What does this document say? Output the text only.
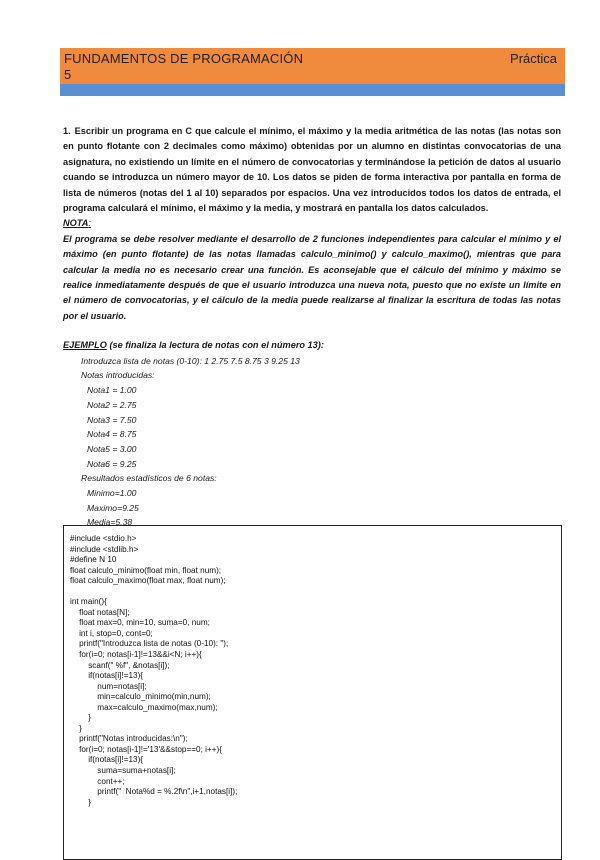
FUNDAMENTOS DE PROGRAMACIÓN	Práctica
5

1. Escribir un programa en C que calcule el mínimo, el máximo y la media aritmética de las notas (las notas son en punto flotante con 2 decimales como máximo) obtenidas por un alumno en distintas convocatorias de una asignatura, no existiendo un límite en el número de convocatorias y terminándose la petición de datos al usuario cuando se introduzca un número mayor de 10. Los datos se piden de forma interactiva por pantalla en forma de lista de números (notas del 1 al 10) separados por espacios. Una vez introducidos todos los datos de entrada, el programa calculará el mínimo, el máximo y la media, y mostrará en pantalla los datos calculados.

NOTA:

El programa se debe resolver mediante el desarrollo de 2 funciones independientes para calcular el mínimo y el máximo (en punto flotante) de las notas llamadas calculo_minimo() y calculo_maximo(), mientras que para calcular la media no es necesario crear una función. Es aconsejable que el cálculo del mínimo y máximo se realice inmediatamente después de que el usuario introduzca una nueva nota, puesto que no existe un límite en el número de convocatorias, y el cálculo de la media puede realizarse al finalizar la escritura de todas las notas por el usuario.

EJEMPLO (se finaliza la lectura de notas con el número 13):

Introduzca lista de notas (0-10): 1 2.75 7.5 8.75 3 9.25 13
Notas introducidas:
Nota1 = 1.00
Nota2 = 2.75
Nota3 = 7.50
Nota4 = 8.75
Nota5 = 3.00
Nota6 = 9.25
Resultados estadísticos de 6 notas:
Minimo=1.00
Maximo=9.25
Media=5.38
#include <stdio.h>
#include <stdlib.h>
#define N 10
float calculo_minimo(float min, float num);
float calculo_maximo(float max, float num);

int main(){
float notas[N];
float max=0, min=10, suma=0, num;
int i, stop=0, cont=0;
printf("Introduzca lista de notas (0-10): ");
for(i=0; notas[i-1]!=13&&i<N; i++){
scanf(" %f", &notas[i]);
if(notas[i]!=13){
num=notas[i];
min=calculo_minimo(min,num);
max=calculo_maximo(max,num);
}
}
printf("Notas introducidas:\n");
for(i=0; notas[i-1]!='13'&&stop==0; i++){
if(notas[i]!=13){
suma=suma+notas[i];
cont++;
printf("  Nota%d = %.2f\n",i+1,notas[i]);
}
